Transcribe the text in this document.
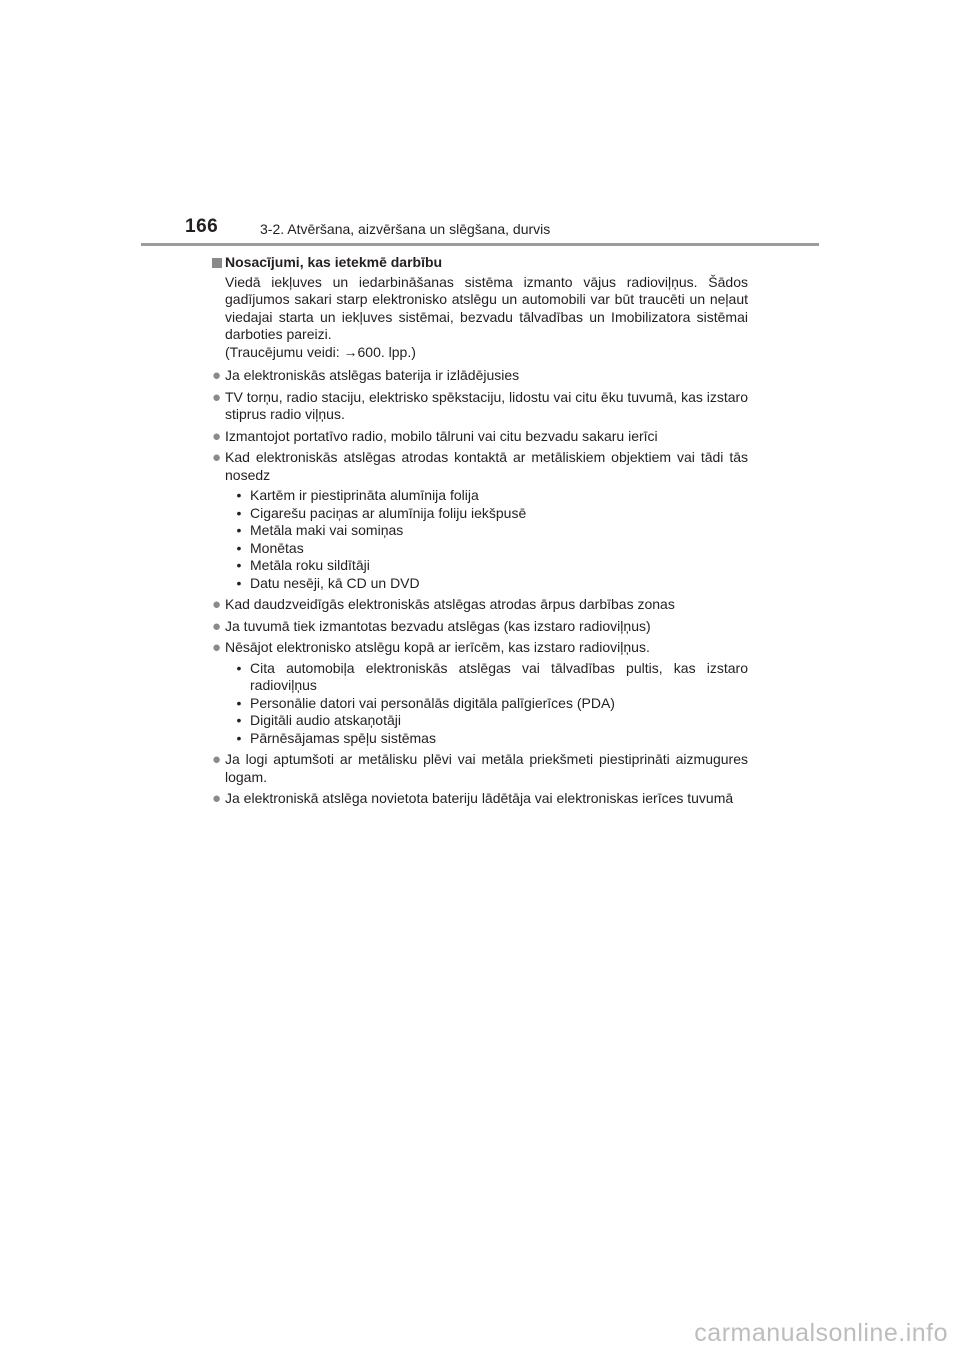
166	3-2. Atvēršana, aizvēršana un slēgšana, durvis
Nosacījumi, kas ietekmē darbību
Viedā iekļuves un iedarbināšanas sistēma izmanto vājus radioviļņus. Šādos gadījumos sakari starp elektronisko atslēgu un automobili var būt traucēti un neļaut viedajai starta un iekļuves sistēmai, bezvadu tālvadības un Imobilizatora sistēmai darboties pareizi.
(Traucējumu veidi: →600. lpp.)
● Ja elektroniskās atslēgas baterija ir izlādējusies
● TV torņu, radio staciju, elektrisko spēkstaciju, lidostu vai citu ēku tuvumā, kas izstaro stiprus radio viļņus.
● Izmantojot portatīvo radio, mobilo tālruni vai citu bezvadu sakaru ierīci
● Kad elektroniskās atslēgas atrodas kontaktā ar metāliskiem objektiem vai tādi tās nosedz
• Kartēm ir piestiprināta alumīnija folija
• Cigarešu paciņas ar alumīnija foliju iekšpusē
• Metāla maki vai somiņas
• Monētas
• Metāla roku sildītāji
• Datu nesēji, kā CD un DVD
● Kad daudzveidīgās elektroniskās atslēgas atrodas ārpus darbības zonas
● Ja tuvumā tiek izmantotas bezvadu atslēgas (kas izstaro radioviļņus)
● Nēsājot elektronisko atslēgu kopā ar ierīcēm, kas izstaro radioviļņus.
• Cita automobiļa elektroniskās atslēgas vai tālvadības pultis, kas izstaro radioviļņus
• Personālie datori vai personālās digitāla palīgierīces (PDA)
• Digitāli audio atskaņotāji
• Pārnēsājamas spēļu sistēmas
● Ja logi aptumšoti ar metālisku plēvi vai metāla priekšmeti piestiprināti aizmugures logam.
● Ja elektroniskā atslēga novietota bateriju lādētāja vai elektroniskas ierīces tuvumā
carmanualsonline.info
